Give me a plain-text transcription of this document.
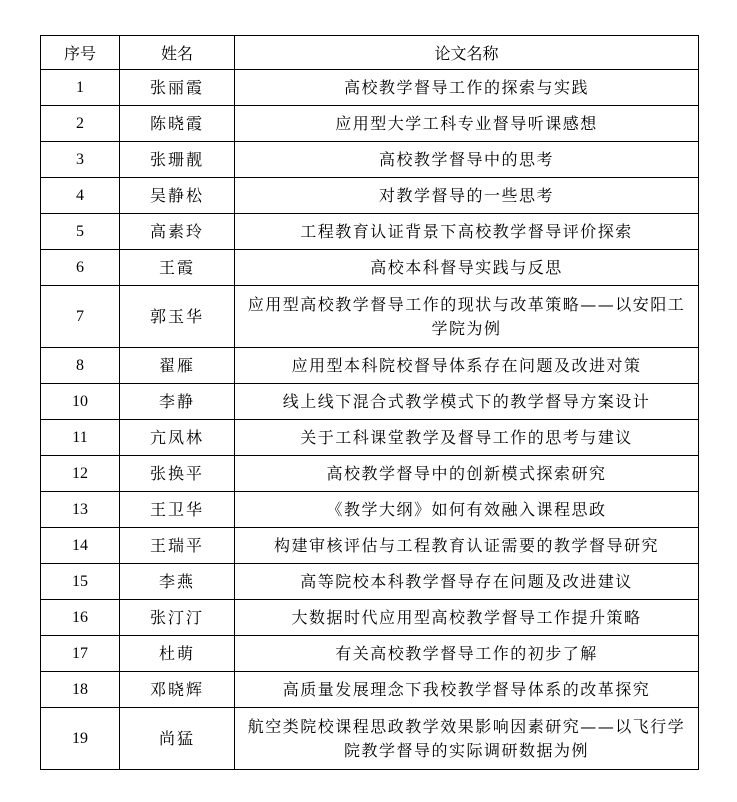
序号	姓名	论文名称
1	张丽霞	高校教学督导工作的探索与实践
2	陈晓霞	应用型大学工科专业督导听课感想
3	张珊靓	高校教学督导中的思考
4	吴静松	对教学督导的一些思考
5	高素玲	工程教育认证背景下高校教学督导评价探索
6	王霞	高校本科督导实践与反思
7	郭玉华	应用型高校教学督导工作的现状与改革策略——以安阳工学院为例
8	翟雁	应用型本科院校督导体系存在问题及改进对策
10	李静	线上线下混合式教学模式下的教学督导方案设计
11	亢凤林	关于工科课堂教学及督导工作的思考与建议
12	张换平	高校教学督导中的创新模式探索研究
13	王卫华	《教学大纲》如何有效融入课程思政
14	王瑞平	构建审核评估与工程教育认证需要的教学督导研究
15	李燕	高等院校本科教学督导存在问题及改进建议
16	张汀汀	大数据时代应用型高校教学督导工作提升策略
17	杜萌	有关高校教学督导工作的初步了解
18	邓晓辉	高质量发展理念下我校教学督导体系的改革探究
19	尚猛	航空类院校课程思政教学效果影响因素研究——以飞行学院教学督导的实际调研数据为例
